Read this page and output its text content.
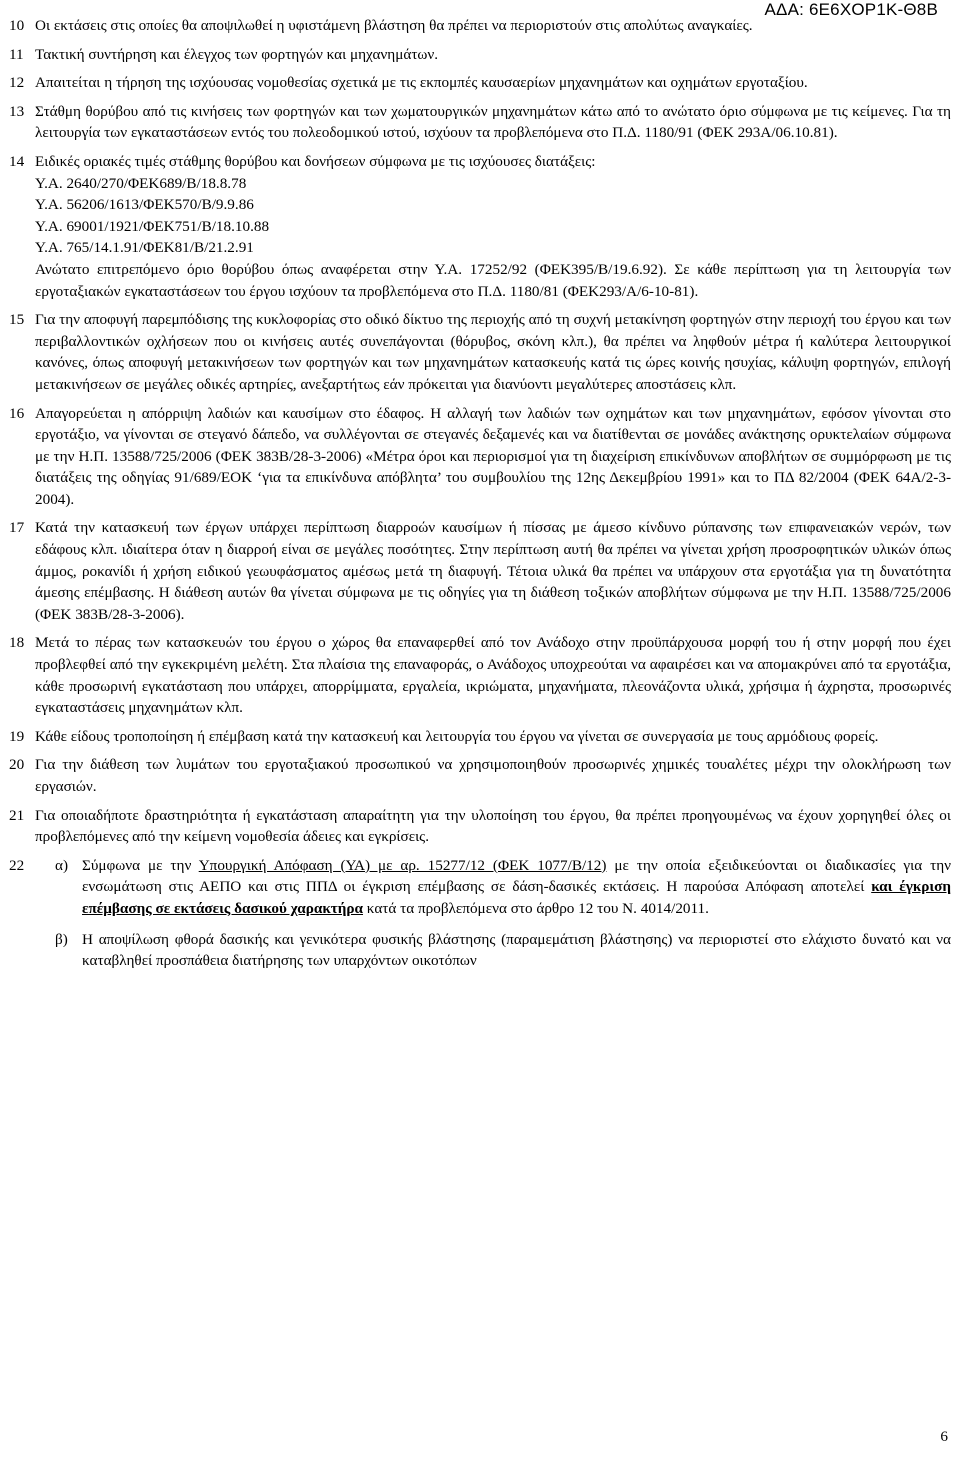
ΑΔΑ: 6Ε6ΧΟΡ1Κ-Θ8Β
10 Οι εκτάσεις στις οποίες θα αποψιλωθεί η υφιστάμενη βλάστηση θα πρέπει να περιοριστούν στις απολύτως αναγκαίες.
11 Τακτική συντήρηση και έλεγχος των φορτηγών και μηχανημάτων.
12 Απαιτείται η τήρηση της ισχύουσας νομοθεσίας σχετικά με τις εκπομπές καυσαερίων μηχανημάτων και οχημάτων εργοταξίου.
13 Στάθμη θορύβου από τις κινήσεις των φορτηγών και των χωματουργικών μηχανημάτων κάτω από το ανώτατο όριο σύμφωνα με τις κείμενες. Για τη λειτουργία των εγκαταστάσεων εντός του πολεοδομικού ιστού, ισχύουν τα προβλεπόμενα στο Π.Δ. 1180/91 (ΦΕΚ 293Α/06.10.81).
14 Ειδικές οριακές τιμές στάθμης θορύβου και δονήσεων σύμφωνα με τις ισχύουσες διατάξεις:

Υ.Α. 2640/270/ΦΕΚ689/Β/18.8.78

Υ.Α. 56206/1613/ΦΕΚ570/Β/9.9.86

Υ.Α. 69001/1921/ΦΕΚ751/Β/18.10.88

Υ.Α. 765/14.1.91/ΦΕΚ81/Β/21.2.91

Ανώτατο επιτρεπόμενο όριο θορύβου όπως αναφέρεται στην Υ.Α. 17252/92 (ΦΕΚ395/Β/19.6.92). Σε κάθε περίπτωση για τη λειτουργία των εργοταξιακών εγκαταστάσεων του έργου ισχύουν τα προβλεπόμενα στο Π.Δ. 1180/81 (ΦΕΚ293/Α/6-10-81).

15 Για την αποφυγή παρεμπόδισης της κυκλοφορίας στο οδικό δίκτυο της περιοχής από τη συχνή μετακίνηση φορτηγών στην περιοχή του έργου και των περιβαλλοντικών οχλήσεων που οι κινήσεις αυτές συνεπάγονται (θόρυβος, σκόνη κλπ.), θα πρέπει να ληφθούν μέτρα ή καλύτερα λειτουργικοί κανόνες, όπως αποφυγή μετακινήσεων των φορτηγών και των μηχανημάτων κατασκευής κατά τις ώρες κοινής ησυχίας, κάλυψη φορτηγών, επιλογή μετακινήσεων σε μεγάλες οδικές αρτηρίες, ανεξαρτήτως εάν πρόκειται για διανύοντι μεγαλύτερες αποστάσεις κλπ.
16 Απαγορεύεται η απόρριψη λαδιών και καυσίμων στο έδαφος. Η αλλαγή των λαδιών των οχημάτων και των μηχανημάτων, εφόσον γίνονται στο εργοτάξιο, να γίνονται σε στεγανό δάπεδο, να συλλέγονται σε στεγανές δεξαμενές και να διατίθενται σε μονάδες ανάκτησης ορυκτελαίων σύμφωνα με την Η.Π. 13588/725/2006 (ΦΕΚ 383Β/28-3-2006) «Μέτρα όροι και περιορισμοί για τη διαχείριση επικίνδυνων αποβλήτων σε συμμόρφωση με τις διατάξεις της οδηγίας 91/689/ΕΟΚ ‘για τα επικίνδυνα απόβλητα’ του συμβουλίου της 12ης Δεκεμβρίου 1991» και το ΠΔ 82/2004 (ΦΕΚ 64Α/2-3-2004).
17 Κατά την κατασκευή των έργων υπάρχει περίπτωση διαρροών καυσίμων ή πίσσας με άμεσο κίνδυνο ρύπανσης των επιφανειακών νερών, των εδάφους κλπ. ιδιαίτερα όταν η διαρροή είναι σε μεγάλες ποσότητες. Στην περίπτωση αυτή θα πρέπει να γίνεται χρήση προσροφητικών υλικών όπως άμμος, ροκανίδι ή χρήση ειδικού γεωυφάσματος αμέσως μετά τη διαφυγή. Τέτοια υλικά θα πρέπει να υπάρχουν στα εργοτάξια για τη δυνατότητα άμεσης επέμβασης. Η διάθεση αυτών θα γίνεται σύμφωνα με τις οδηγίες για τη διάθεση τοξικών αποβλήτων σύμφωνα με την Η.Π. 13588/725/2006 (ΦΕΚ 383Β/28-3-2006).
18 Μετά το πέρας των κατασκευών του έργου ο χώρος θα επαναφερθεί από τον Ανάδοχο στην προϋπάρχουσα μορφή του ή στην μορφή που έχει προβλεφθεί από την εγκεκριμένη μελέτη. Στα πλαίσια της επαναφοράς, ο Ανάδοχος υποχρεούται να αφαιρέσει και να απομακρύνει από τα εργοτάξια, κάθε προσωρινή εγκατάσταση που υπάρχει, απορρίμματα, εργαλεία, ικριώματα, μηχανήματα, πλεονάζοντα υλικά, χρήσιμα ή άχρηστα, προσωρινές εγκαταστάσεις μηχανημάτων κλπ.
19 Κάθε είδους τροποποίηση ή επέμβαση κατά την κατασκευή και λειτουργία του έργου να γίνεται σε συνεργασία με τους αρμόδιους φορείς.
20 Για την διάθεση των λυμάτων του εργοταξιακού προσωπικού να χρησιμοποιηθούν προσωρινές χημικές τουαλέτες μέχρι την ολοκλήρωση των εργασιών.
21 Για οποιαδήποτε δραστηριότητα ή εγκατάσταση απαραίτητη για την υλοποίηση του έργου, θα πρέπει προηγουμένως να έχουν χορηγηθεί όλες οι προβλεπόμενες από την κείμενη νομοθεσία άδειες και εγκρίσεις.
22	α) Σύμφωνα με την Υπουργική Απόφαση (ΥΑ) με αρ. 15277/12 (ΦΕΚ 1077/Β/12) με την οποία εξειδικεύονται οι διαδικασίες για την ενσωμάτωση στις ΑΕΠΟ και στις ΠΠΔ οι έγκριση επέμβασης σε δάση-δασικές εκτάσεις. Η παρούσα Απόφαση αποτελεί και έγκριση επέμβασης σε εκτάσεις δασικού χαρακτήρα κατά τα προβλεπόμενα στο άρθρο 12 του Ν. 4014/2011.
β) Η αποψίλωση φθορά δασικής και γενικότερα φυσικής βλάστησης (παραμεμάτιση βλάστησης) να περιοριστεί στο ελάχιστο δυνατό και να καταβληθεί προσπάθεια διατήρησης των υπαρχόντων οικοτόπων
6
